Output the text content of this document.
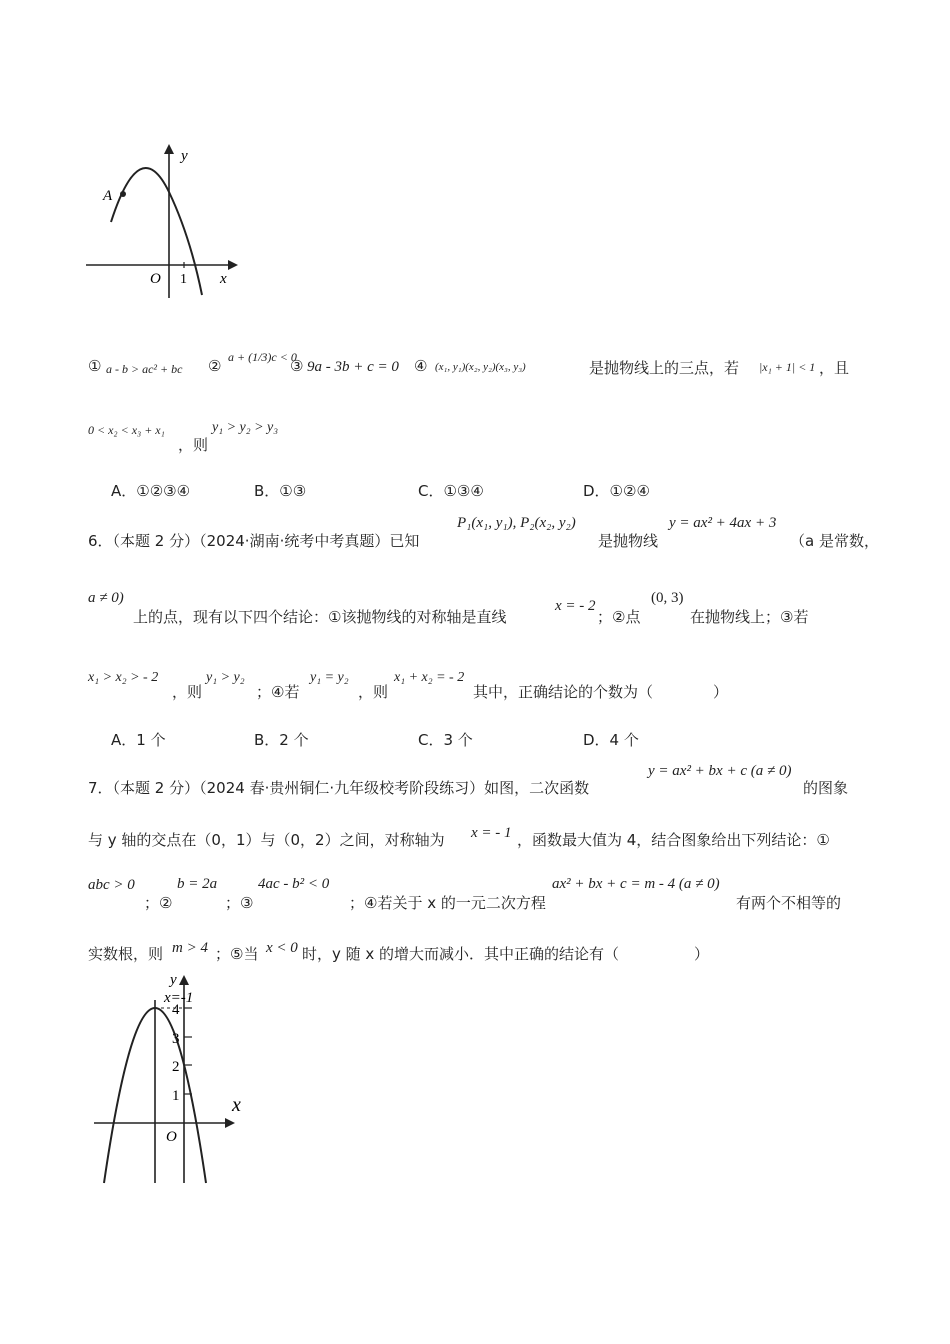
A
y
x
O 1
① a - b > ac² + bc ② a + (1/3)c < 0
③ 9a - 3b + c = 0 ④ (x₁, y₁)(x₂, y₂)(x₃, y₃)	是抛物线上的三点，若 |x₁ + 1| < 1 ，且
0 < x₂ < x₃ + x₁
，则
y₁ > y₂ > y₃
A．①②③④	B．①③	C．①③④	D．①②④
6．（本题 2 分）（2024·湖南·统考中考真题）已知
P₁(x₁, y₁), P₂(x₂, y₂)
是抛物线
y = ax² + 4ax + 3
（a 是常数，
a ≠ 0)
上的点，现有以下四个结论：①该抛物线的对称轴是直线
x = - 2
；②点
(0, 3)
在抛物线上；③若
x₁ > x₂ > - 2
，则
y₁ > y₂
；④若
y₁ = y₂
，则
x₁ + x₂ = - 2
其中，正确结论的个数为（　　　　）
A．1 个	B．2 个	C．3 个	D．4 个
7．（本题 2 分）（2024 春·贵州铜仁·九年级校考阶段练习）如图，二次函数
y = ax² + bx + c (a ≠ 0)
的图象
与 y 轴的交点在（0，1）与（0，2）之间，对称轴为 x = - 1 ，函数最大值为 4，结合图象给出下列结论：①
abc > 0
；②
b = 2a
；③
4ac - b² < 0
；④若关于 x 的一元二次方程
ax² + bx + c = m - 4 (a ≠ 0)
有两个不相等的
实数根，则 m > 4 ；⑤当 x < 0 时，y 随 x 的增大而减小．其中正确的结论有（　　　　　）
x=-1
y
x
O
4
3
2
1
